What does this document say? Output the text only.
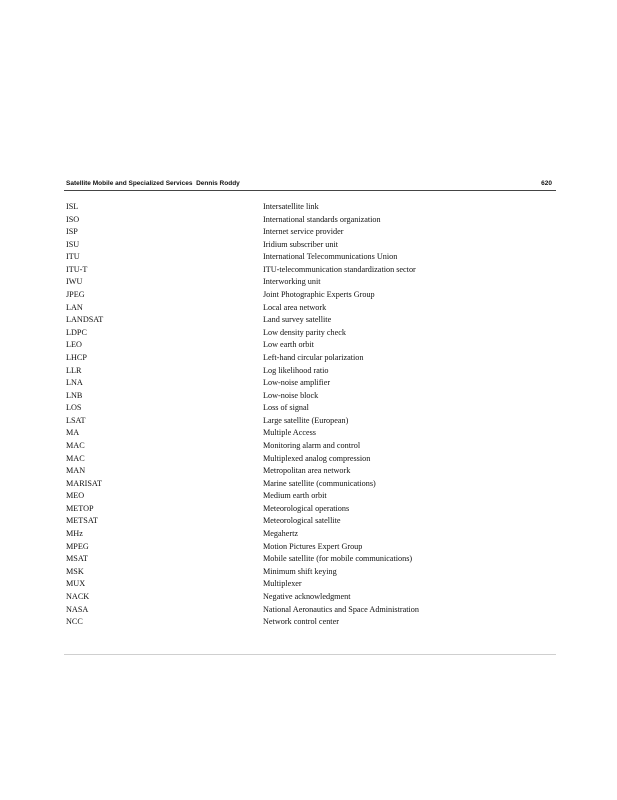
Satellite Mobile and Specialized Services Dennis Roddy	620
ISL	Intersatellite link
ISO	International standards organization
ISP	Internet service provider
ISU	Iridium subscriber unit
ITU	International Telecommunications Union
ITU-T	ITU-telecommunication standardization sector
IWU	Interworking unit
JPEG	Joint Photographic Experts Group
LAN	Local area network
LANDSAT	Land survey satellite
LDPC	Low density parity check
LEO	Low earth orbit
LHCP	Left-hand circular polarization
LLR	Log likelihood ratio
LNA	Low-noise amplifier
LNB	Low-noise block
LOS	Loss of signal
LSAT	Large satellite (European)
MA	Multiple Access
MAC	Monitoring alarm and control
MAC	Multiplexed analog compression
MAN	Metropolitan area network
MARISAT	Marine satellite (communications)
MEO	Medium earth orbit
METOP	Meteorological operations
METSAT	Meteorological satellite
MHz	Megahertz
MPEG	Motion Pictures Expert Group
MSAT	Mobile satellite (for mobile communications)
MSK	Minimum shift keying
MUX	Multiplexer
NACK	Negative acknowledgment
NASA	National Aeronautics and Space Administration
NCC	Network control center
